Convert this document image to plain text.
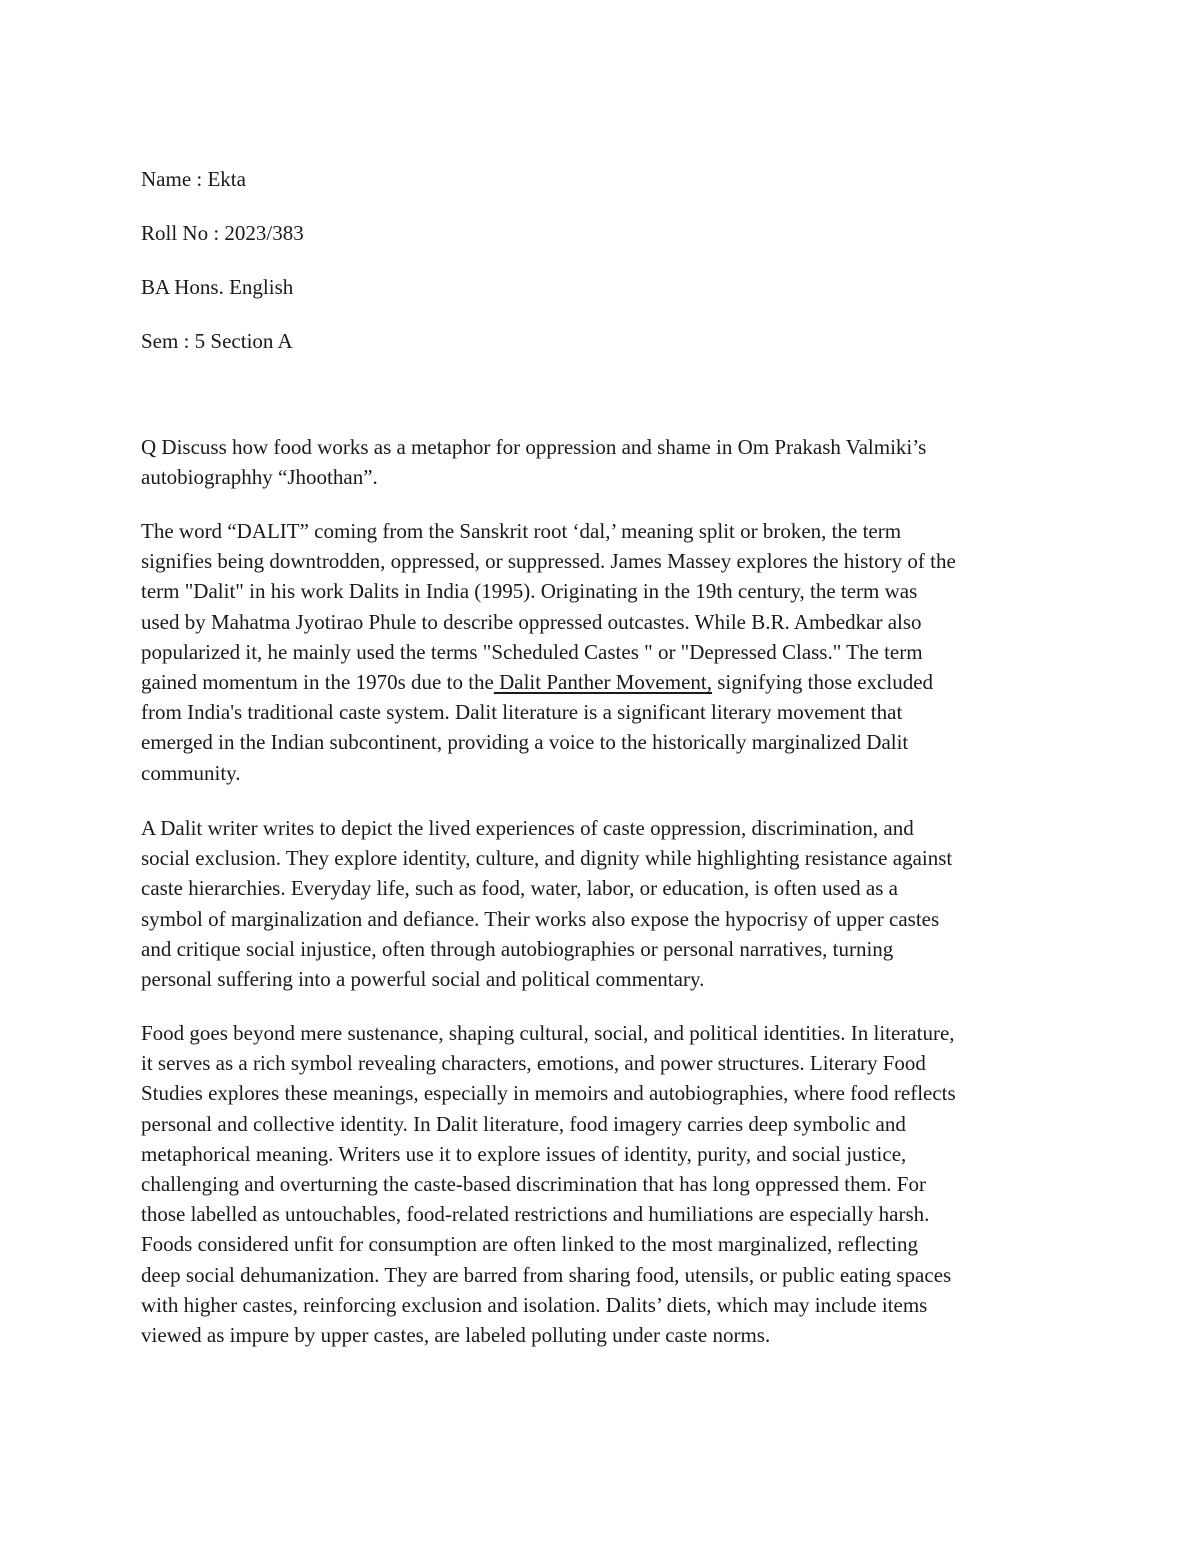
Name : Ekta

Roll No : 2023/383

BA Hons. English

Sem : 5 Section A

Q Discuss how food works as a metaphor for oppression and shame in Om Prakash Valmiki’s
autobiographhy “Jhoothan”.
The word “DALIT” coming from the Sanskrit root ‘dal,’ meaning split or broken, the term
signifies being downtrodden, oppressed, or suppressed. James Massey explores the history of the
term "Dalit" in his work Dalits in India (1995). Originating in the 19th century, the term was
used by Mahatma Jyotirao Phule to describe oppressed outcastes. While B.R. Ambedkar also
popularized it, he mainly used the terms "Scheduled Castes " or "Depressed Class." The term
gained momentum in the 1970s due to the Dalit Panther Movement, signifying those excluded
from India's traditional caste system. Dalit literature is a significant literary movement that
emerged in the Indian subcontinent, providing a voice to the historically marginalized Dalit
community.
A Dalit writer writes to depict the lived experiences of caste oppression, discrimination, and
social exclusion. They explore identity, culture, and dignity while highlighting resistance against
caste hierarchies. Everyday life, such as food, water, labor, or education, is often used as a
symbol of marginalization and defiance. Their works also expose the hypocrisy of upper castes
and critique social injustice, often through autobiographies or personal narratives, turning
personal suffering into a powerful social and political commentary.
Food goes beyond mere sustenance, shaping cultural, social, and political identities. In literature,
it serves as a rich symbol revealing characters, emotions, and power structures. Literary Food
Studies explores these meanings, especially in memoirs and autobiographies, where food reflects
personal and collective identity. In Dalit literature, food imagery carries deep symbolic and
metaphorical meaning. Writers use it to explore issues of identity, purity, and social justice,
challenging and overturning the caste-based discrimination that has long oppressed them. For
those labelled as untouchables, food-related restrictions and humiliations are especially harsh.
Foods considered unfit for consumption are often linked to the most marginalized, reflecting
deep social dehumanization. They are barred from sharing food, utensils, or public eating spaces
with higher castes, reinforcing exclusion and isolation. Dalits’ diets, which may include items
viewed as impure by upper castes, are labeled polluting under caste norms.
